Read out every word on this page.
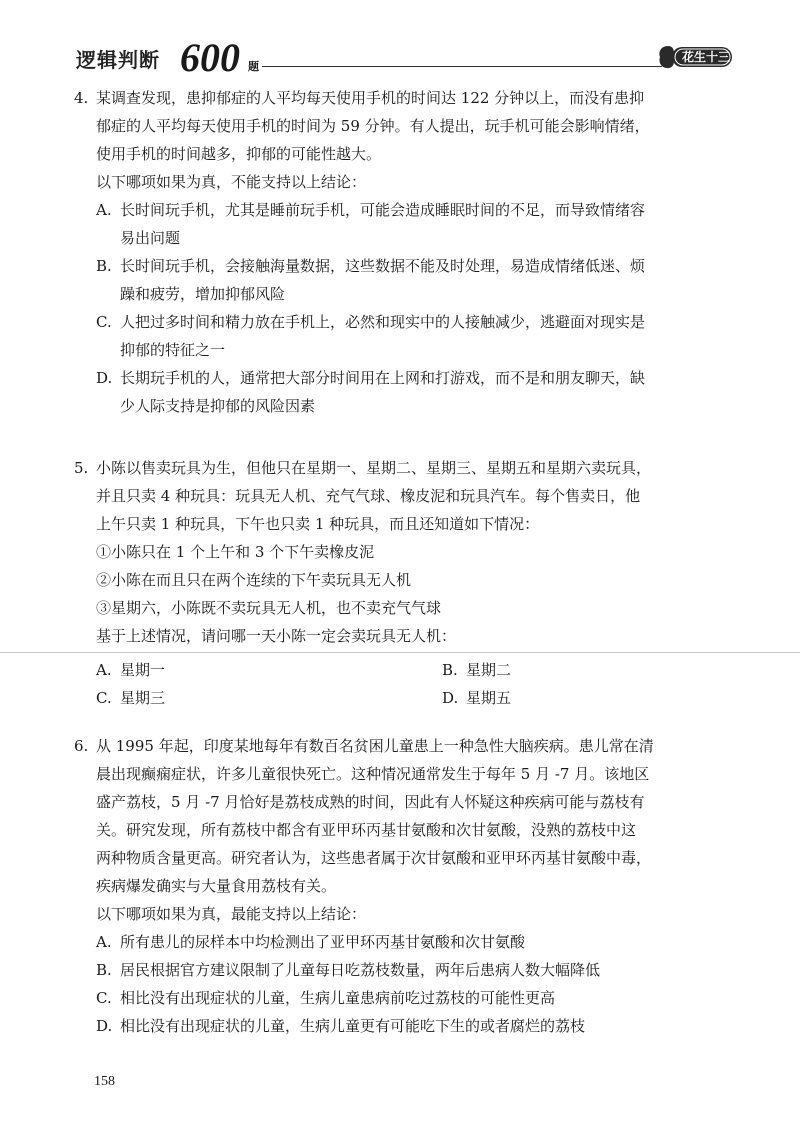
逻辑判断 600 题
花生十三
4. 某调查发现，患抑郁症的人平均每天使用手机的时间达 122 分钟以上，而没有患抑
郁症的人平均每天使用手机的时间为 59 分钟。有人提出，玩手机可能会影响情绪，
使用手机的时间越多，抑郁的可能性越大。
以下哪项如果为真，不能支持以上结论：
A. 长时间玩手机，尤其是睡前玩手机，可能会造成睡眠时间的不足，而导致情绪容
易出问题
B. 长时间玩手机，会接触海量数据，这些数据不能及时处理，易造成情绪低迷、烦
躁和疲劳，增加抑郁风险
C. 人把过多时间和精力放在手机上，必然和现实中的人接触减少，逃避面对现实是
抑郁的特征之一
D. 长期玩手机的人，通常把大部分时间用在上网和打游戏，而不是和朋友聊天，缺
少人际支持是抑郁的风险因素
5. 小陈以售卖玩具为生，但他只在星期一、星期二、星期三、星期五和星期六卖玩具，
并且只卖 4 种玩具：玩具无人机、充气气球、橡皮泥和玩具汽车。每个售卖日，他
上午只卖 1 种玩具，下午也只卖 1 种玩具，而且还知道如下情况：
①小陈只在 1 个上午和 3 个下午卖橡皮泥
②小陈在而且只在两个连续的下午卖玩具无人机
③星期六，小陈既不卖玩具无人机，也不卖充气气球
基于上述情况，请问哪一天小陈一定会卖玩具无人机：
A. 星期一	B. 星期二
C. 星期三	D. 星期五
6. 从 1995 年起，印度某地每年有数百名贫困儿童患上一种急性大脑疾病。患儿常在清
晨出现癫痫症状，许多儿童很快死亡。这种情况通常发生于每年 5 月 -7 月。该地区
盛产荔枝，5 月 -7 月恰好是荔枝成熟的时间，因此有人怀疑这种疾病可能与荔枝有
关。研究发现，所有荔枝中都含有亚甲环丙基甘氨酸和次甘氨酸，没熟的荔枝中这
两种物质含量更高。研究者认为，这些患者属于次甘氨酸和亚甲环丙基甘氨酸中毒，
疾病爆发确实与大量食用荔枝有关。
以下哪项如果为真，最能支持以上结论：
A. 所有患儿的尿样本中均检测出了亚甲环丙基甘氨酸和次甘氨酸
B. 居民根据官方建议限制了儿童每日吃荔枝数量，两年后患病人数大幅降低
C. 相比没有出现症状的儿童，生病儿童患病前吃过荔枝的可能性更高
D. 相比没有出现症状的儿童，生病儿童更有可能吃下生的或者腐烂的荔枝
158
